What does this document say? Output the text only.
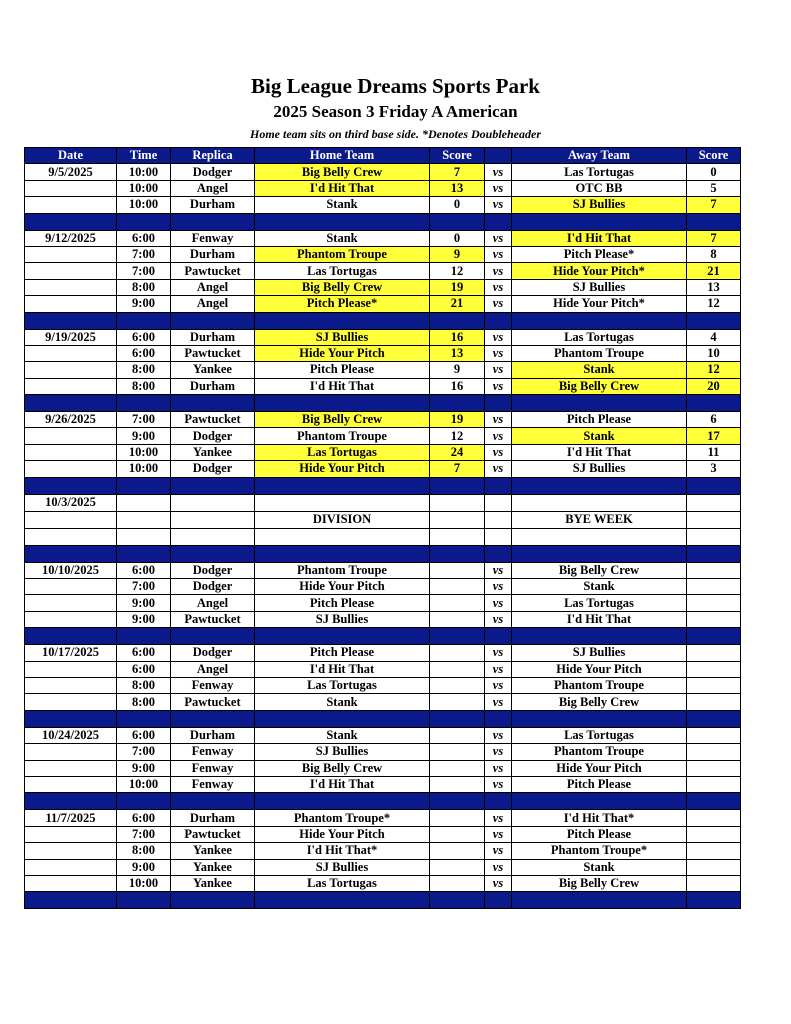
Big League Dreams Sports Park
2025 Season 3 Friday A American
Home team sits on third base side. *Denotes Doubleheader
Date	Time	Replica	Home Team	Score		Away Team	Score
9/5/2025	10:00	Dodger	Big Belly Crew	7	vs	Las Tortugas	0
	10:00	Angel	I'd Hit That	13	vs	OTC BB	5
	10:00	Durham	Stank	0	vs	SJ Bullies	7

9/12/2025	6:00	Fenway	Stank	0	vs	I'd Hit That	7
	7:00	Durham	Phantom Troupe	9	vs	Pitch Please*	8
	7:00	Pawtucket	Las Tortugas	12	vs	Hide Your Pitch*	21
	8:00	Angel	Big Belly Crew	19	vs	SJ Bullies	13
	9:00	Angel	Pitch Please*	21	vs	Hide Your Pitch*	12

9/19/2025	6:00	Durham	SJ Bullies	16	vs	Las Tortugas	4
	6:00	Pawtucket	Hide Your Pitch	13	vs	Phantom Troupe	10
	8:00	Yankee	Pitch Please	9	vs	Stank	12
	8:00	Durham	I'd Hit That	16	vs	Big Belly Crew	20

9/26/2025	7:00	Pawtucket	Big Belly Crew	19	vs	Pitch Please	6
	9:00	Dodger	Phantom Troupe	12	vs	Stank	17
	10:00	Yankee	Las Tortugas	24	vs	I'd Hit That	11
	10:00	Dodger	Hide Your Pitch	7	vs	SJ Bullies	3

10/3/2025							
			DIVISION			BYE WEEK	

10/10/2025	6:00	Dodger	Phantom Troupe		vs	Big Belly Crew	
	7:00	Dodger	Hide Your Pitch		vs	Stank	
	9:00	Angel	Pitch Please		vs	Las Tortugas	
	9:00	Pawtucket	SJ Bullies		vs	I'd Hit That	

10/17/2025	6:00	Dodger	Pitch Please		vs	SJ Bullies	
	6:00	Angel	I'd Hit That		vs	Hide Your Pitch	
	8:00	Fenway	Las Tortugas		vs	Phantom Troupe	
	8:00	Pawtucket	Stank		vs	Big Belly Crew	

10/24/2025	6:00	Durham	Stank		vs	Las Tortugas	
	7:00	Fenway	SJ Bullies		vs	Phantom Troupe	
	9:00	Fenway	Big Belly Crew		vs	Hide Your Pitch	
	10:00	Fenway	I'd Hit That		vs	Pitch Please	

11/7/2025	6:00	Durham	Phantom Troupe*		vs	I'd Hit That*	
	7:00	Pawtucket	Hide Your Pitch		vs	Pitch Please	
	8:00	Yankee	I'd Hit That*		vs	Phantom Troupe*	
	9:00	Yankee	SJ Bullies		vs	Stank	
	10:00	Yankee	Las Tortugas		vs	Big Belly Crew	
